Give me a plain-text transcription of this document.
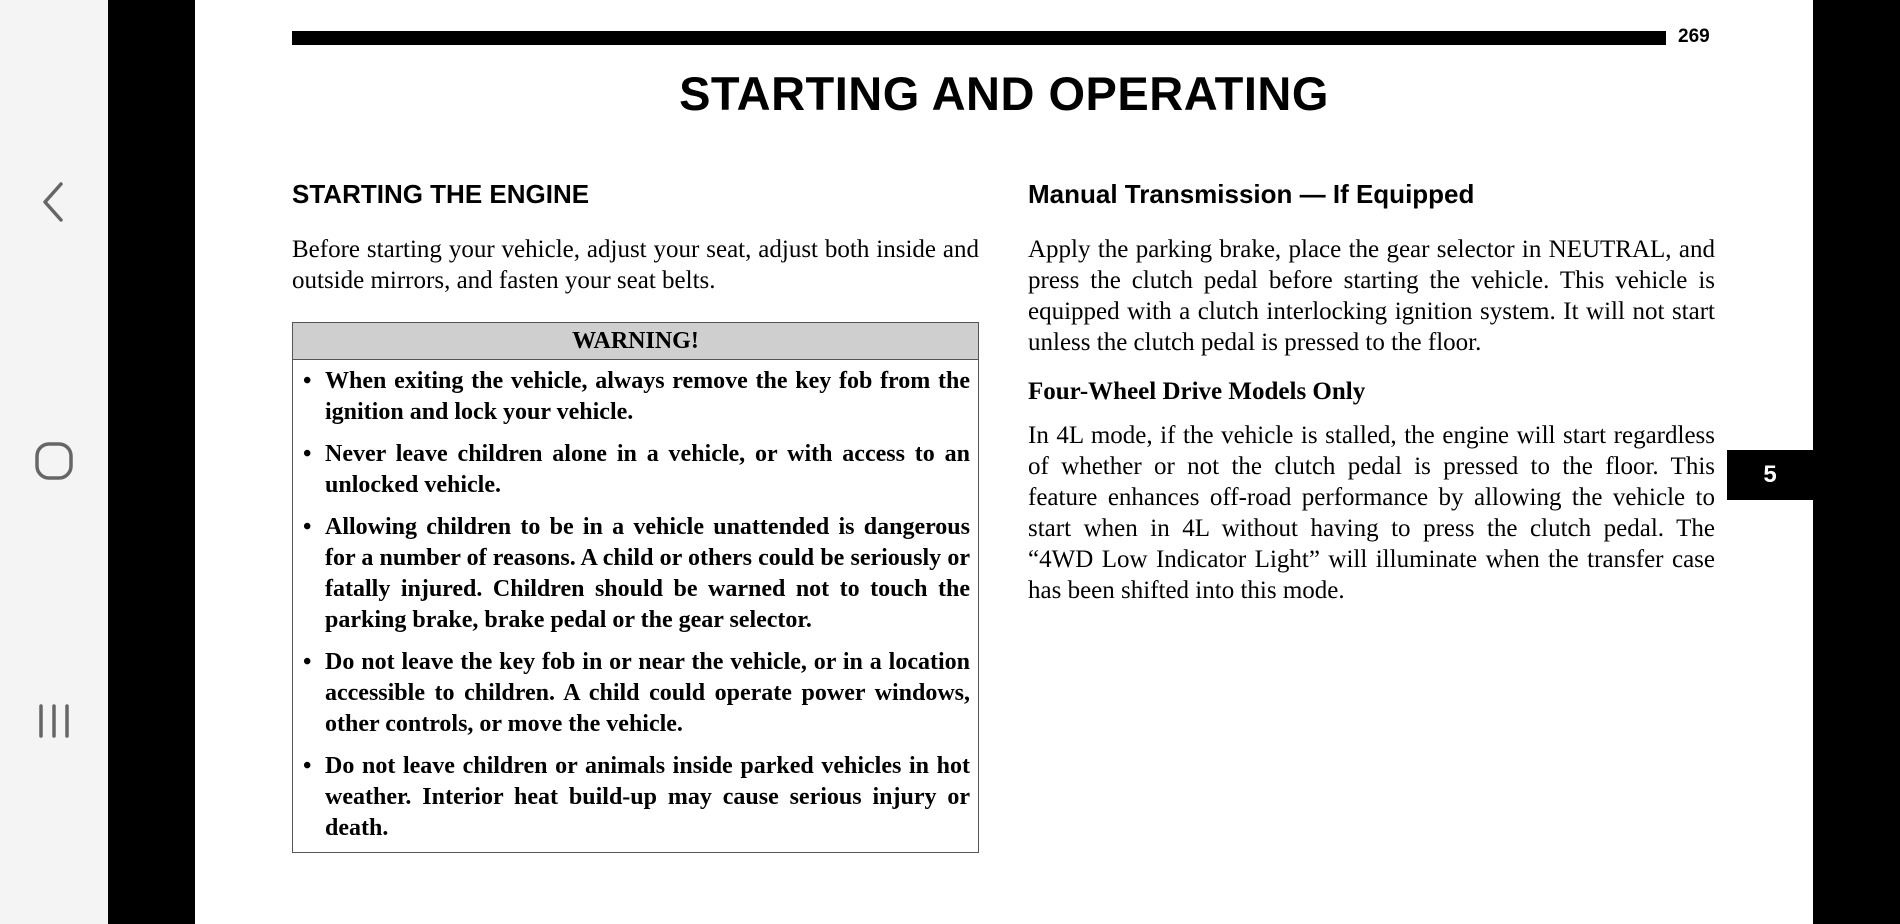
269
STARTING AND OPERATING
STARTING THE ENGINE

Before starting your vehicle, adjust your seat, adjust both inside and outside mirrors, and fasten your seat belts.

WARNING!
• When exiting the vehicle, always remove the key fob from the ignition and lock your vehicle.
• Never leave children alone in a vehicle, or with access to an unlocked vehicle.
• Allowing children to be in a vehicle unattended is dangerous for a number of reasons. A child or others could be seriously or fatally injured. Children should be warned not to touch the parking brake, brake pedal or the gear selector.
• Do not leave the key fob in or near the vehicle, or in a location accessible to children. A child could operate power windows, other controls, or move the vehicle.
• Do not leave children or animals inside parked vehicles in hot weather. Interior heat build-up may cause serious injury or death.
Manual Transmission — If Equipped

Apply the parking brake, place the gear selector in NEUTRAL, and press the clutch pedal before starting the vehicle. This vehicle is equipped with a clutch interlocking ignition system. It will not start unless the clutch pedal is pressed to the floor.

Four-Wheel Drive Models Only

In 4L mode, if the vehicle is stalled, the engine will start regardless of whether or not the clutch pedal is pressed to the floor. This feature enhances off-road performance by allowing the vehicle to start when in 4L without having to press the clutch pedal. The “4WD Low Indicator Light” will illuminate when the transfer case has been shifted into this mode.

5
